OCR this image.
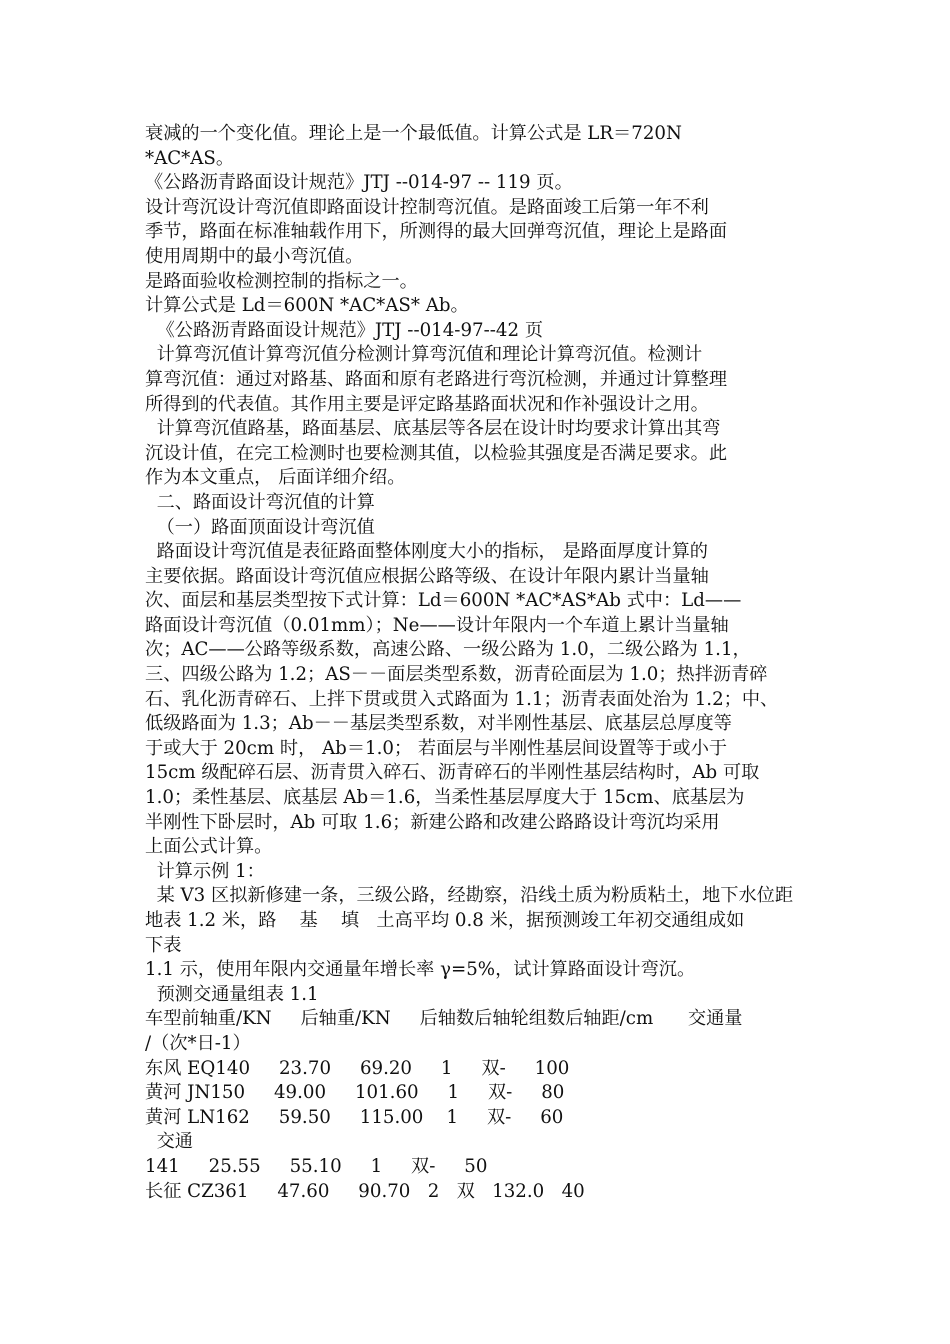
衰减的一个变化值。理论上是一个最低值。计算公式是 LR＝720N
*AC*AS。
《公路沥青路面设计规范》JTJ --014-97 -- 119 页。
设计弯沉设计弯沉值即路面设计控制弯沉值。是路面竣工后第一年不利
季节，路面在标准轴载作用下，所测得的最大回弹弯沉值，理论上是路面
使用周期中的最小弯沉值。
是路面验收检测控制的指标之一。
计算公式是 Ld＝600N *AC*AS* Ab。
《公路沥青路面设计规范》JTJ --014-97--42 页
计算弯沉值计算弯沉值分检测计算弯沉值和理论计算弯沉值。检测计
算弯沉值：通过对路基、路面和原有老路进行弯沉检测，并通过计算整理
所得到的代表值。其作用主要是评定路基路面状况和作补强设计之用。
计算弯沉值路基，路面基层、底基层等各层在设计时均要求计算出其弯
沉设计值，在完工检测时也要检测其值，以检验其强度是否满足要求。此
作为本文重点， 后面详细介绍。
二、路面设计弯沉值的计算
（一）路面顶面设计弯沉值
路面设计弯沉值是表征路面整体刚度大小的指标， 是路面厚度计算的
主要依据。路面设计弯沉值应根据公路等级、在设计年限内累计当量轴
次、面层和基层类型按下式计算：Ld＝600N *AC*AS*Ab 式中：Ld——
路面设计弯沉值（0.01mm）；Ne——设计年限内一个车道上累计当量轴
次；AC——公路等级系数，高速公路、一级公路为 1.0，二级公路为 1.1，
三、四级公路为 1.2；AS－－面层类型系数，沥青砼面层为 1.0；热拌沥青碎
石、乳化沥青碎石、上拌下贯或贯入式路面为 1.1；沥青表面处治为 1.2；中、
低级路面为 1.3；Ab－－基层类型系数，对半刚性基层、底基层总厚度等
于或大于 20cm 时， Ab＝1.0； 若面层与半刚性基层间设置等于或小于
15cm 级配碎石层、沥青贯入碎石、沥青碎石的半刚性基层结构时，Ab 可取
1.0；柔性基层、底基层 Ab＝1.6，当柔性基层厚度大于 15cm、底基层为
半刚性下卧层时，Ab 可取 1.6；新建公路和改建公路路设计弯沉均采用
上面公式计算。
计算示例 1：
某 V3 区拟新修建一条，三级公路，经勘察，沿线土质为粉质粘土，地下水位距
地表 1.2 米，路    基    填   土高平均 0.8 米，据预测竣工年初交通组成如
下表
1.1 示，使用年限内交通量年增长率 γ=5%，试计算路面设计弯沉。
预测交通量组表 1.1
车型前轴重/KN     后轴重/KN     后轴数后轴轮组数后轴距/cm      交通量
/（次*日-1）
东风 EQ140     23.70     69.20     1     双-     100
黄河 JN150     49.00     101.60     1     双-     80
黄河 LN162     59.50     115.00    1     双-     60
交通
141     25.55     55.10     1     双-     50
长征 CZ361     47.60     90.70   2   双   132.0   40
